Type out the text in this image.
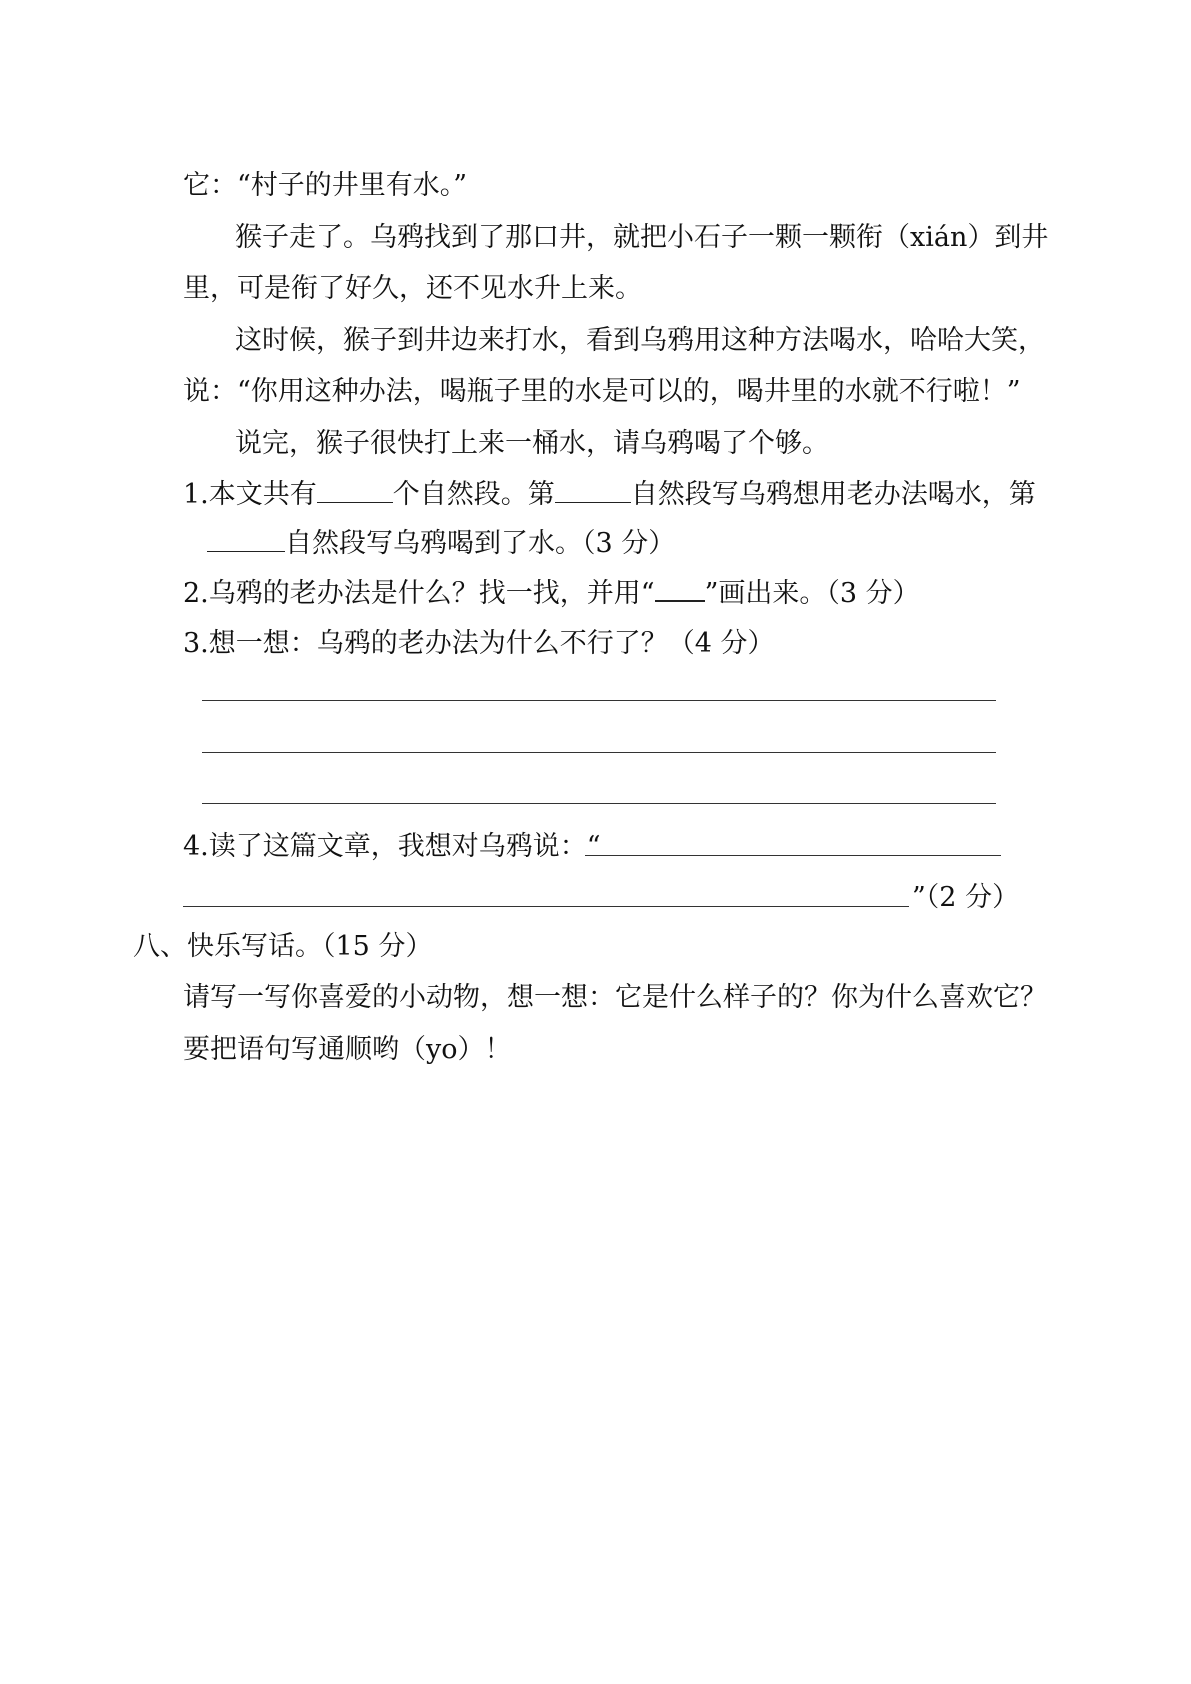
它：“村子的井里有水。”
猴子走了。乌鸦找到了那口井，就把小石子一颗一颗衔（xián）到井
里，可是衔了好久，还不见水升上来。
这时候，猴子到井边来打水，看到乌鸦用这种方法喝水，哈哈大笑，
说：“你用这种办法，喝瓶子里的水是可以的，喝井里的水就不行啦！”
说完，猴子很快打上来一桶水，请乌鸦喝了个够。
1.本文共有	个自然段。第	自然段写乌鸦想用老办法喝水，第
自然段写乌鸦喝到了水。（3 分）
2.乌鸦的老办法是什么？找一找，并用“ ”画出来。（3 分）
3.想一想：乌鸦的老办法为什么不行了？（4 分）
4.读了这篇文章，我想对乌鸦说：“
”（2 分）
八、快乐写话。（15 分）
请写一写你喜爱的小动物，想一想：它是什么样子的？你为什么喜欢它？
要把语句写通顺哟（yo）！
